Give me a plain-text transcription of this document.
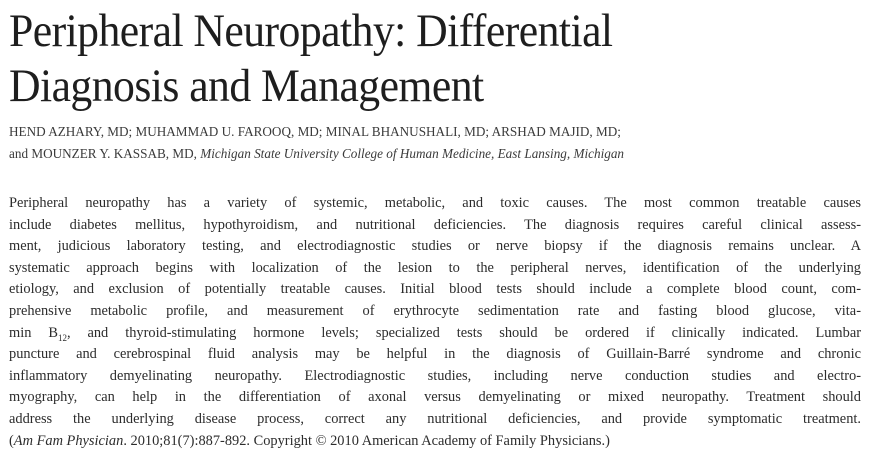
Peripheral Neuropathy: Differential
Diagnosis and Management
HEND AZHARY, MD; MUHAMMAD U. FAROOQ, MD; MINAL BHANUSHALI, MD; ARSHAD MAJID, MD;
and MOUNZER Y. KASSAB, MD, Michigan State University College of Human Medicine, East Lansing, Michigan
Peripheral neuropathy has a variety of systemic, metabolic, and toxic causes. The most common treatable causes
include diabetes mellitus, hypothyroidism, and nutritional deficiencies. The diagnosis requires careful clinical assess-
ment, judicious laboratory testing, and electrodiagnostic studies or nerve biopsy if the diagnosis remains unclear. A
systematic approach begins with localization of the lesion to the peripheral nerves, identification of the underlying
etiology, and exclusion of potentially treatable causes. Initial blood tests should include a complete blood count, com-
prehensive metabolic profile, and measurement of erythrocyte sedimentation rate and fasting blood glucose, vita-
$\min B_{12}$, and thyroid-stimulating hormone levels; specialized tests should be ordered if clinically indicated. Lumbar
puncture and cerebrospinal fluid analysis may be helpful in the diagnosis of Guillain-Barré syndrome and chronic
inflammatory demyelinating neuropathy. Electrodiagnostic studies, including nerve conduction studies and electro-
myography, can help in the differentiation of axonal versus demyelinating or mixed neuropathy. Treatment should
address the underlying disease process, correct any nutritional deficiencies, and provide symptomatic treatment.
(Am Fam Physician. 2010;81(7):887-892. Copyright © 2010 American Academy of Family Physicians.)
